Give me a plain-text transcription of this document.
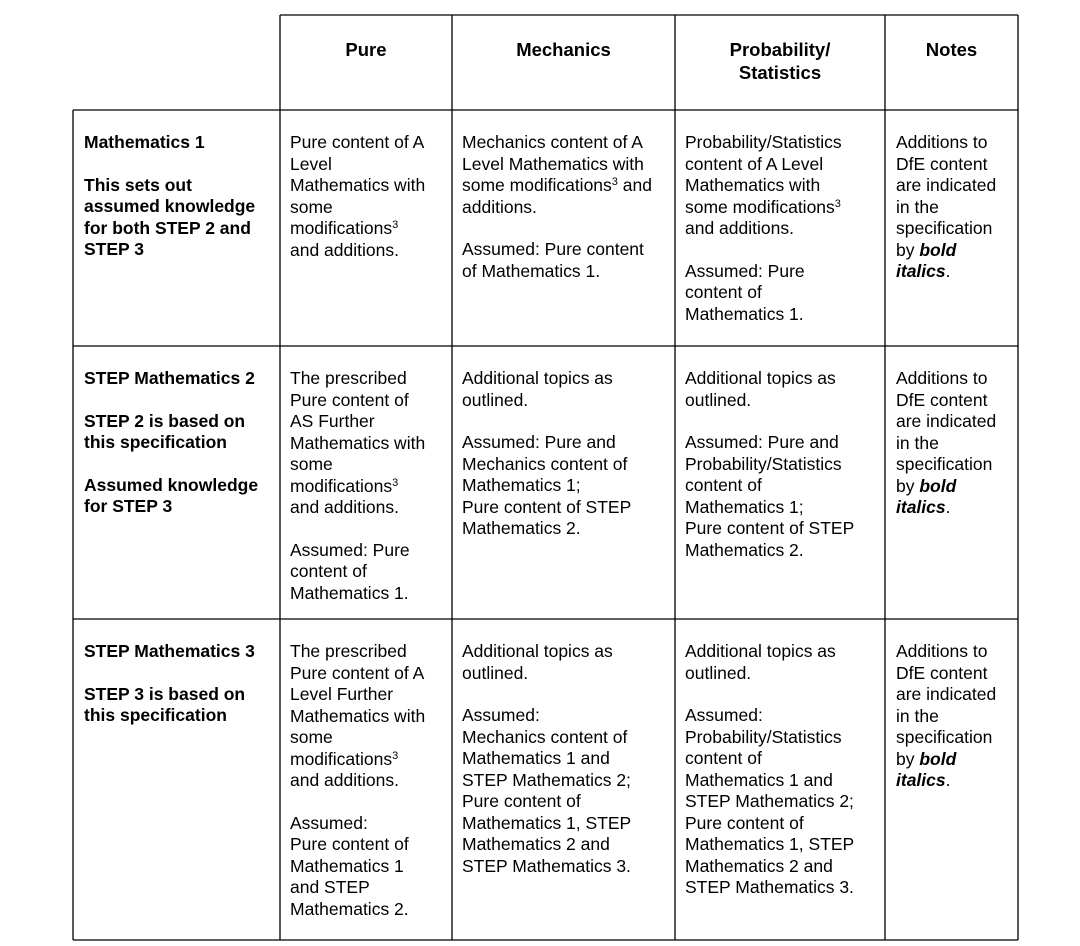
Pure	Mechanics	Probability/
Statistics
Notes
Mathematics 1
This sets out
assumed knowledge
for both STEP 2 and
STEP 3
Pure content of A
Level
Mathematics with
some
modifications$^3$
and additions.
Mechanics content of A
Level Mathematics with
some modifications$^3$ and
additions.
Assumed: Pure content
of Mathematics 1.
Probability/Statistics
content of A Level
Mathematics with
some modifications$^3$
and additions.
Assumed: Pure
content of
Mathematics 1.
Additions to
DfE content
are indicated
in the
specification
by bold
italics.
STEP Mathematics 2
STEP 2 is based on
this specification
Assumed knowledge
for STEP 3
The prescribed
Pure content of
AS Further
Mathematics with
some
modifications$^3$
and additions.
Assumed: Pure
content of
Mathematics 1.
Additional topics as
outlined.
Assumed: Pure and
Mechanics content of
Mathematics 1;
Pure content of STEP
Mathematics 2.
Additional topics as
outlined.
Assumed: Pure and
Probability/Statistics
content of
Mathematics 1;
Pure content of STEP
Mathematics 2.
Additions to
DfE content
are indicated
in the
specification
by bold
italics.
STEP Mathematics 3
STEP 3 is based on
this specification
The prescribed
Pure content of A
Level Further
Mathematics with
some
modifications$^3$
and additions.
Assumed:
Pure content of
Mathematics 1
and STEP
Mathematics 2.
Additional topics as
outlined.
Assumed:
Mechanics content of
Mathematics 1 and
STEP Mathematics 2;
Pure content of
Mathematics 1, STEP
Mathematics 2 and
STEP Mathematics 3.
Additional topics as
outlined.
Assumed:
Probability/Statistics
content of
Mathematics 1 and
STEP Mathematics 2;
Pure content of
Mathematics 1, STEP
Mathematics 2 and
STEP Mathematics 3.
Additions to
DfE content
are indicated
in the
specification
by bold
italics.
